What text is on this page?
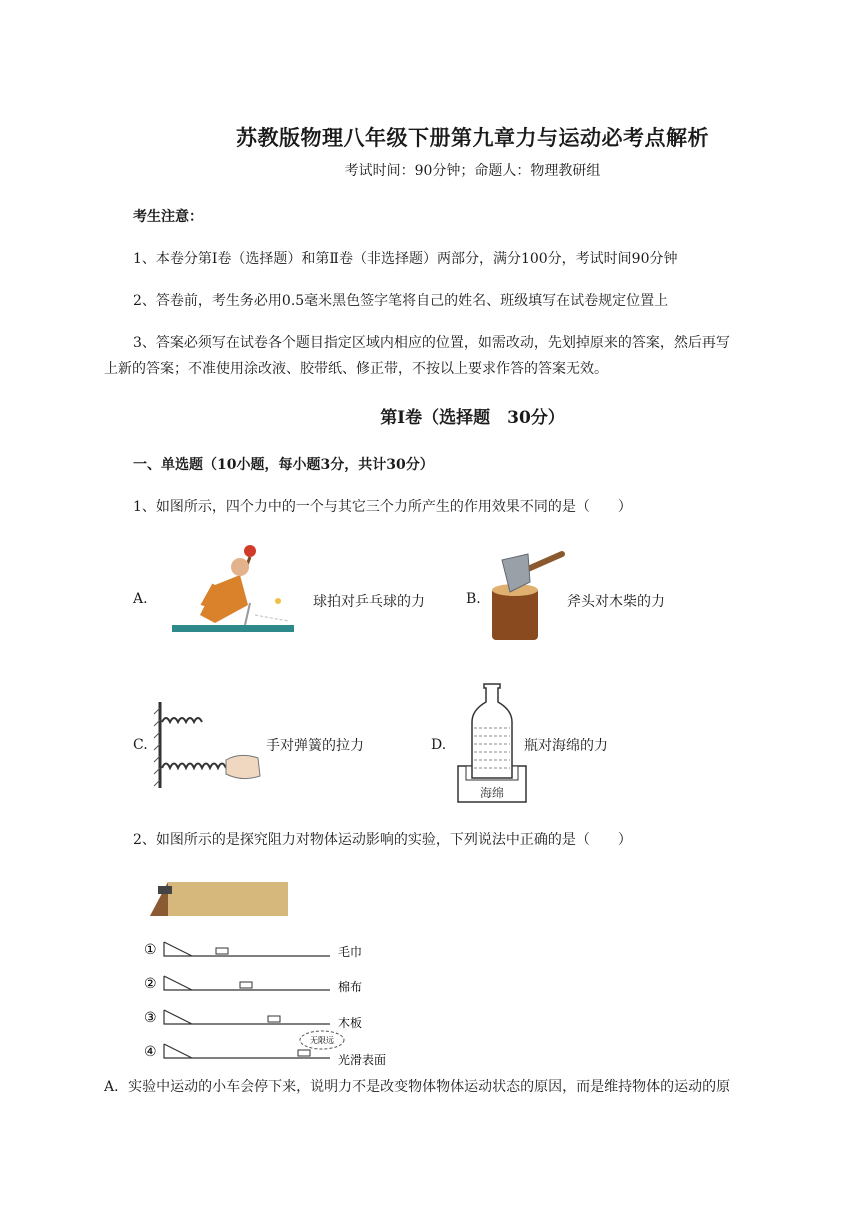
苏教版物理八年级下册第九章力与运动必考点解析
考试时间：90分钟；命题人：物理教研组
考生注意：
1、本卷分第Ⅰ卷（选择题）和第Ⅱ卷（非选择题）两部分，满分100分，考试时间90分钟
2、答卷前，考生务必用0.5毫米黑色签字笔将自己的姓名、班级填写在试卷规定位置上
3、答案必须写在试卷各个题目指定区域内相应的位置，如需改动，先划掉原来的答案，然后再写
上新的答案；不准使用涂改液、胶带纸、修正带，不按以上要求作答的答案无效。
第Ⅰ卷（选择题　30分）
一、单选题（10小题，每小题3分，共计30分）
1、如图所示，四个力中的一个与其它三个力所产生的作用效果不同的是（　　）
A.	球拍对乒乓球的力	B.	斧头对木柴的力
C.	手对弹簧的拉力	D.
海绵
瓶对海绵的力
2、如图所示的是探究阻力对物体运动影响的实验，下列说法中正确的是（　　）
无限远
①
②
③
④
毛巾
棉布
木板
光滑表面
A．实验中运动的小车会停下来，说明力不是改变物体物体运动状态的原因，而是维持物体的运动的原
